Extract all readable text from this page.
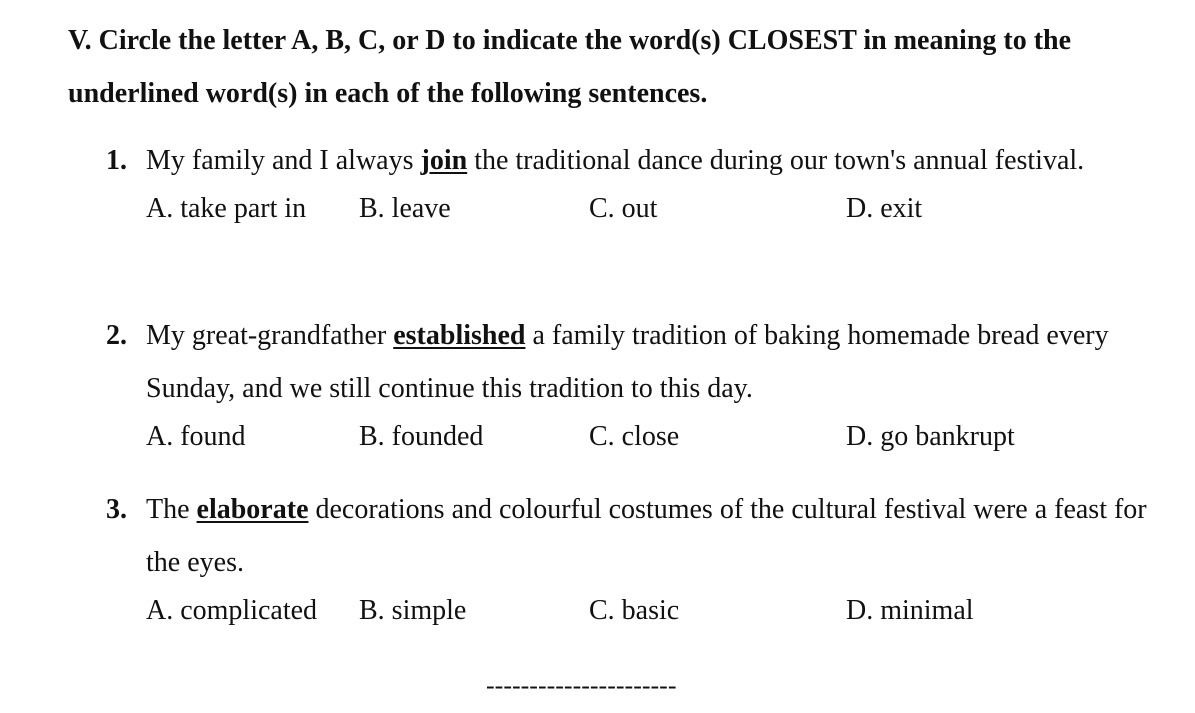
V. Circle the letter A, B, C, or D to indicate the word(s) CLOSEST in meaning to the underlined word(s) in each of the following sentences.

1. My family and I always join the traditional dance during our town's annual festival.
A. take part in B. leave	C. out	D. exit
2. My great-grandfather established a family tradition of baking homemade bread every Sunday, and we still continue this tradition to this day.
A. found	B. founded	C. close	D. go bankrupt
3. The elaborate decorations and colourful costumes of the cultural festival were a feast for the eyes.
A. complicated B. simple	C. basic	D. minimal
----------------------
